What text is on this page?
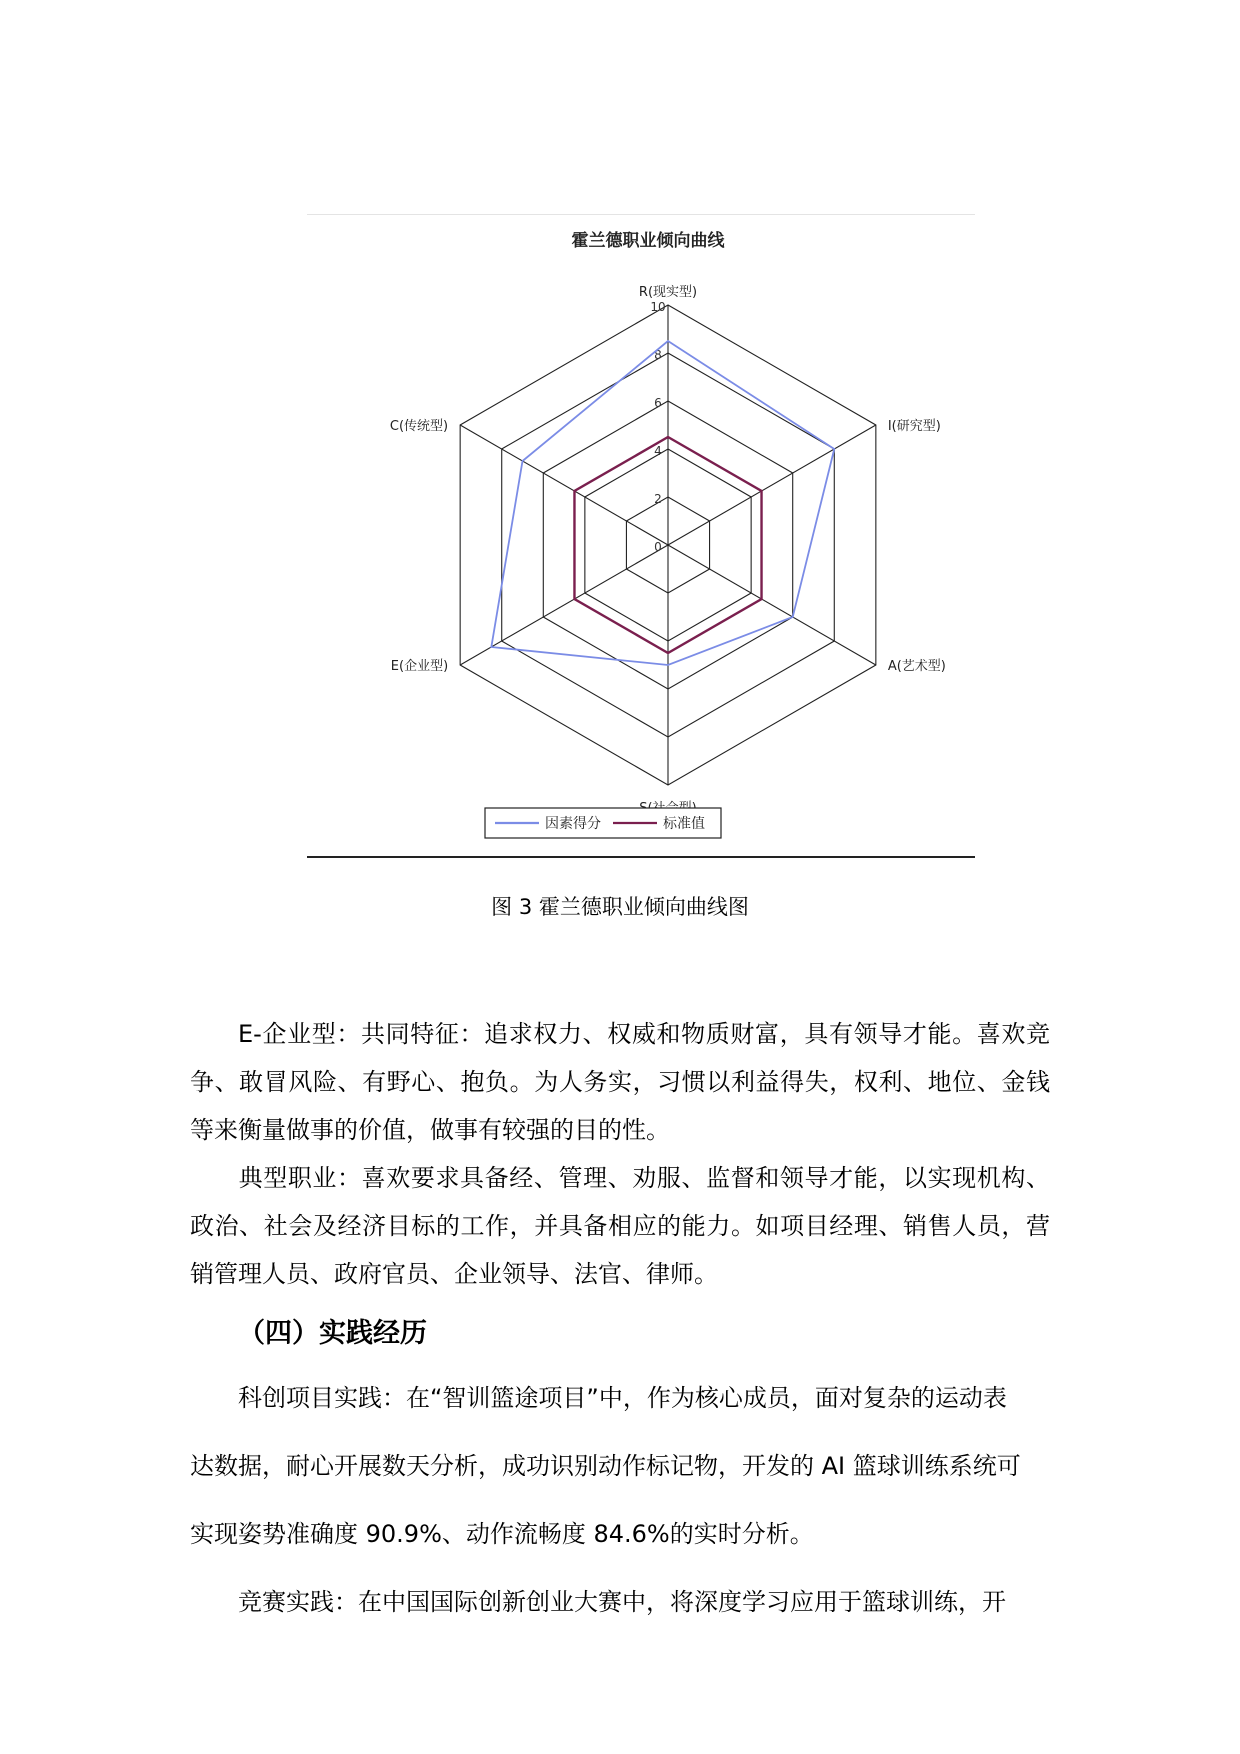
霍兰德职业倾向曲线
0
2
4
6
8
10
R(现实型)
I(研究型)
A(艺术型)
E(企业型)
C(传统型)
因素得分	标准值
图 3 霍兰德职业倾向曲线图

E-企业型：共同特征：追求权力、权威和物质财富，具有领导才能。喜欢竞争、敢冒风险、有野心、抱负。为人务实，习惯以利益得失，权利、地位、金钱等来衡量做事的价值，做事有较强的目的性。

典型职业：喜欢要求具备经、管理、劝服、监督和领导才能，以实现机构、政治、社会及经济目标的工作，并具备相应的能力。如项目经理、销售人员，营销管理人员、政府官员、企业领导、法官、律师。

（四）实践经历
科创项目实践：在“智训篮途项目”中，作为核心成员，面对复杂的运动表
达数据，耐心开展数天分析，成功识别动作标记物，开发的 AI 篮球训练系统可
实现姿势准确度 90.9%、动作流畅度 84.6%的实时分析。
竞赛实践：在中国国际创新创业大赛中，将深度学习应用于篮球训练，开
